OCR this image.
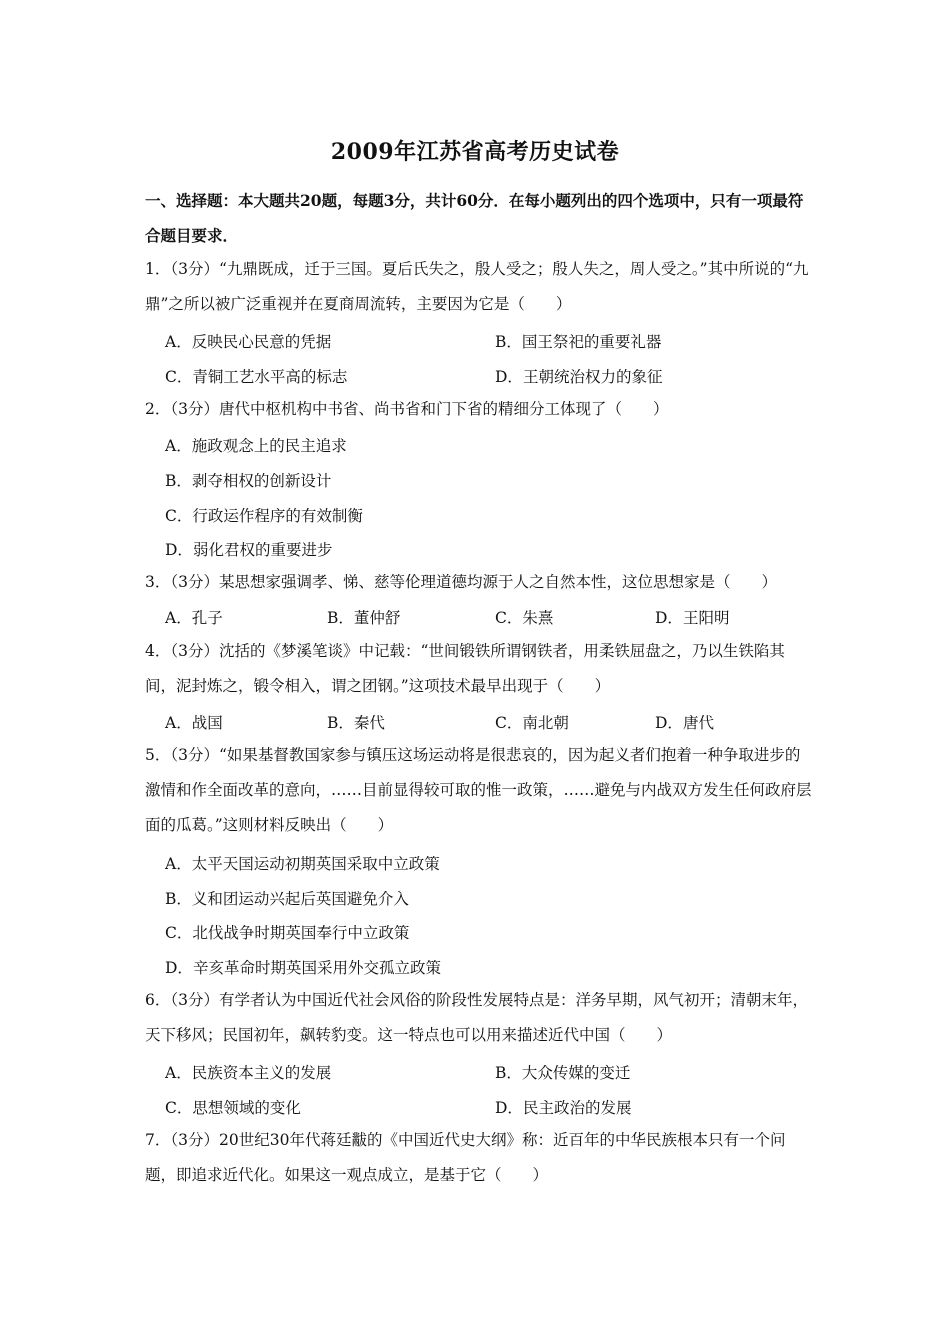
2009年江苏省高考历史试卷
一、选择题：本大题共20题，每题3分，共计60分．在每小题列出的四个选项中，只有一项最符合题目要求．
1．（3分）“九鼎既成，迁于三国。夏后氏失之，殷人受之；殷人失之，周人受之。”其中所说的“九鼎”之所以被广泛重视并在夏商周流转，主要因为它是（　　）
A．反映民心民意的凭据	B．国王祭祀的重要礼器
C．青铜工艺水平高的标志	D．王朝统治权力的象征
2．（3分）唐代中枢机构中书省、尚书省和门下省的精细分工体现了（　　）
A．施政观念上的民主追求
B．剥夺相权的创新设计
C．行政运作程序的有效制衡
D．弱化君权的重要进步
3．（3分）某思想家强调孝、悌、慈等伦理道德均源于人之自然本性，这位思想家是（　　）
A．孔子	B．董仲舒	C．朱熹	D．王阳明
4．（3分）沈括的《梦溪笔谈》中记载：“世间锻铁所谓钢铁者，用柔铁屈盘之，乃以生铁陷其间，泥封炼之，锻令相入，谓之团钢。”这项技术最早出现于（　　）
A．战国	B．秦代	C．南北朝	D．唐代
5．（3分）“如果基督教国家参与镇压这场运动将是很悲哀的，因为起义者们抱着一种争取进步的激情和作全面改革的意向，……目前显得较可取的惟一政策，……避免与内战双方发生任何政府层面的瓜葛。”这则材料反映出（　　）
A．太平天国运动初期英国采取中立政策
B．义和团运动兴起后英国避免介入
C．北伐战争时期英国奉行中立政策
D．辛亥革命时期英国采用外交孤立政策
6．（3分）有学者认为中国近代社会风俗的阶段性发展特点是：洋务早期，风气初开；清朝末年，天下移风；民国初年，飙转豹变。这一特点也可以用来描述近代中国（　　）
A．民族资本主义的发展	B．大众传媒的变迁
C．思想领域的变化	D．民主政治的发展
7．（3分）20世纪30年代蒋廷黻的《中国近代史大纲》称：近百年的中华民族根本只有一个问题，即追求近代化。如果这一观点成立，是基于它（　　）
